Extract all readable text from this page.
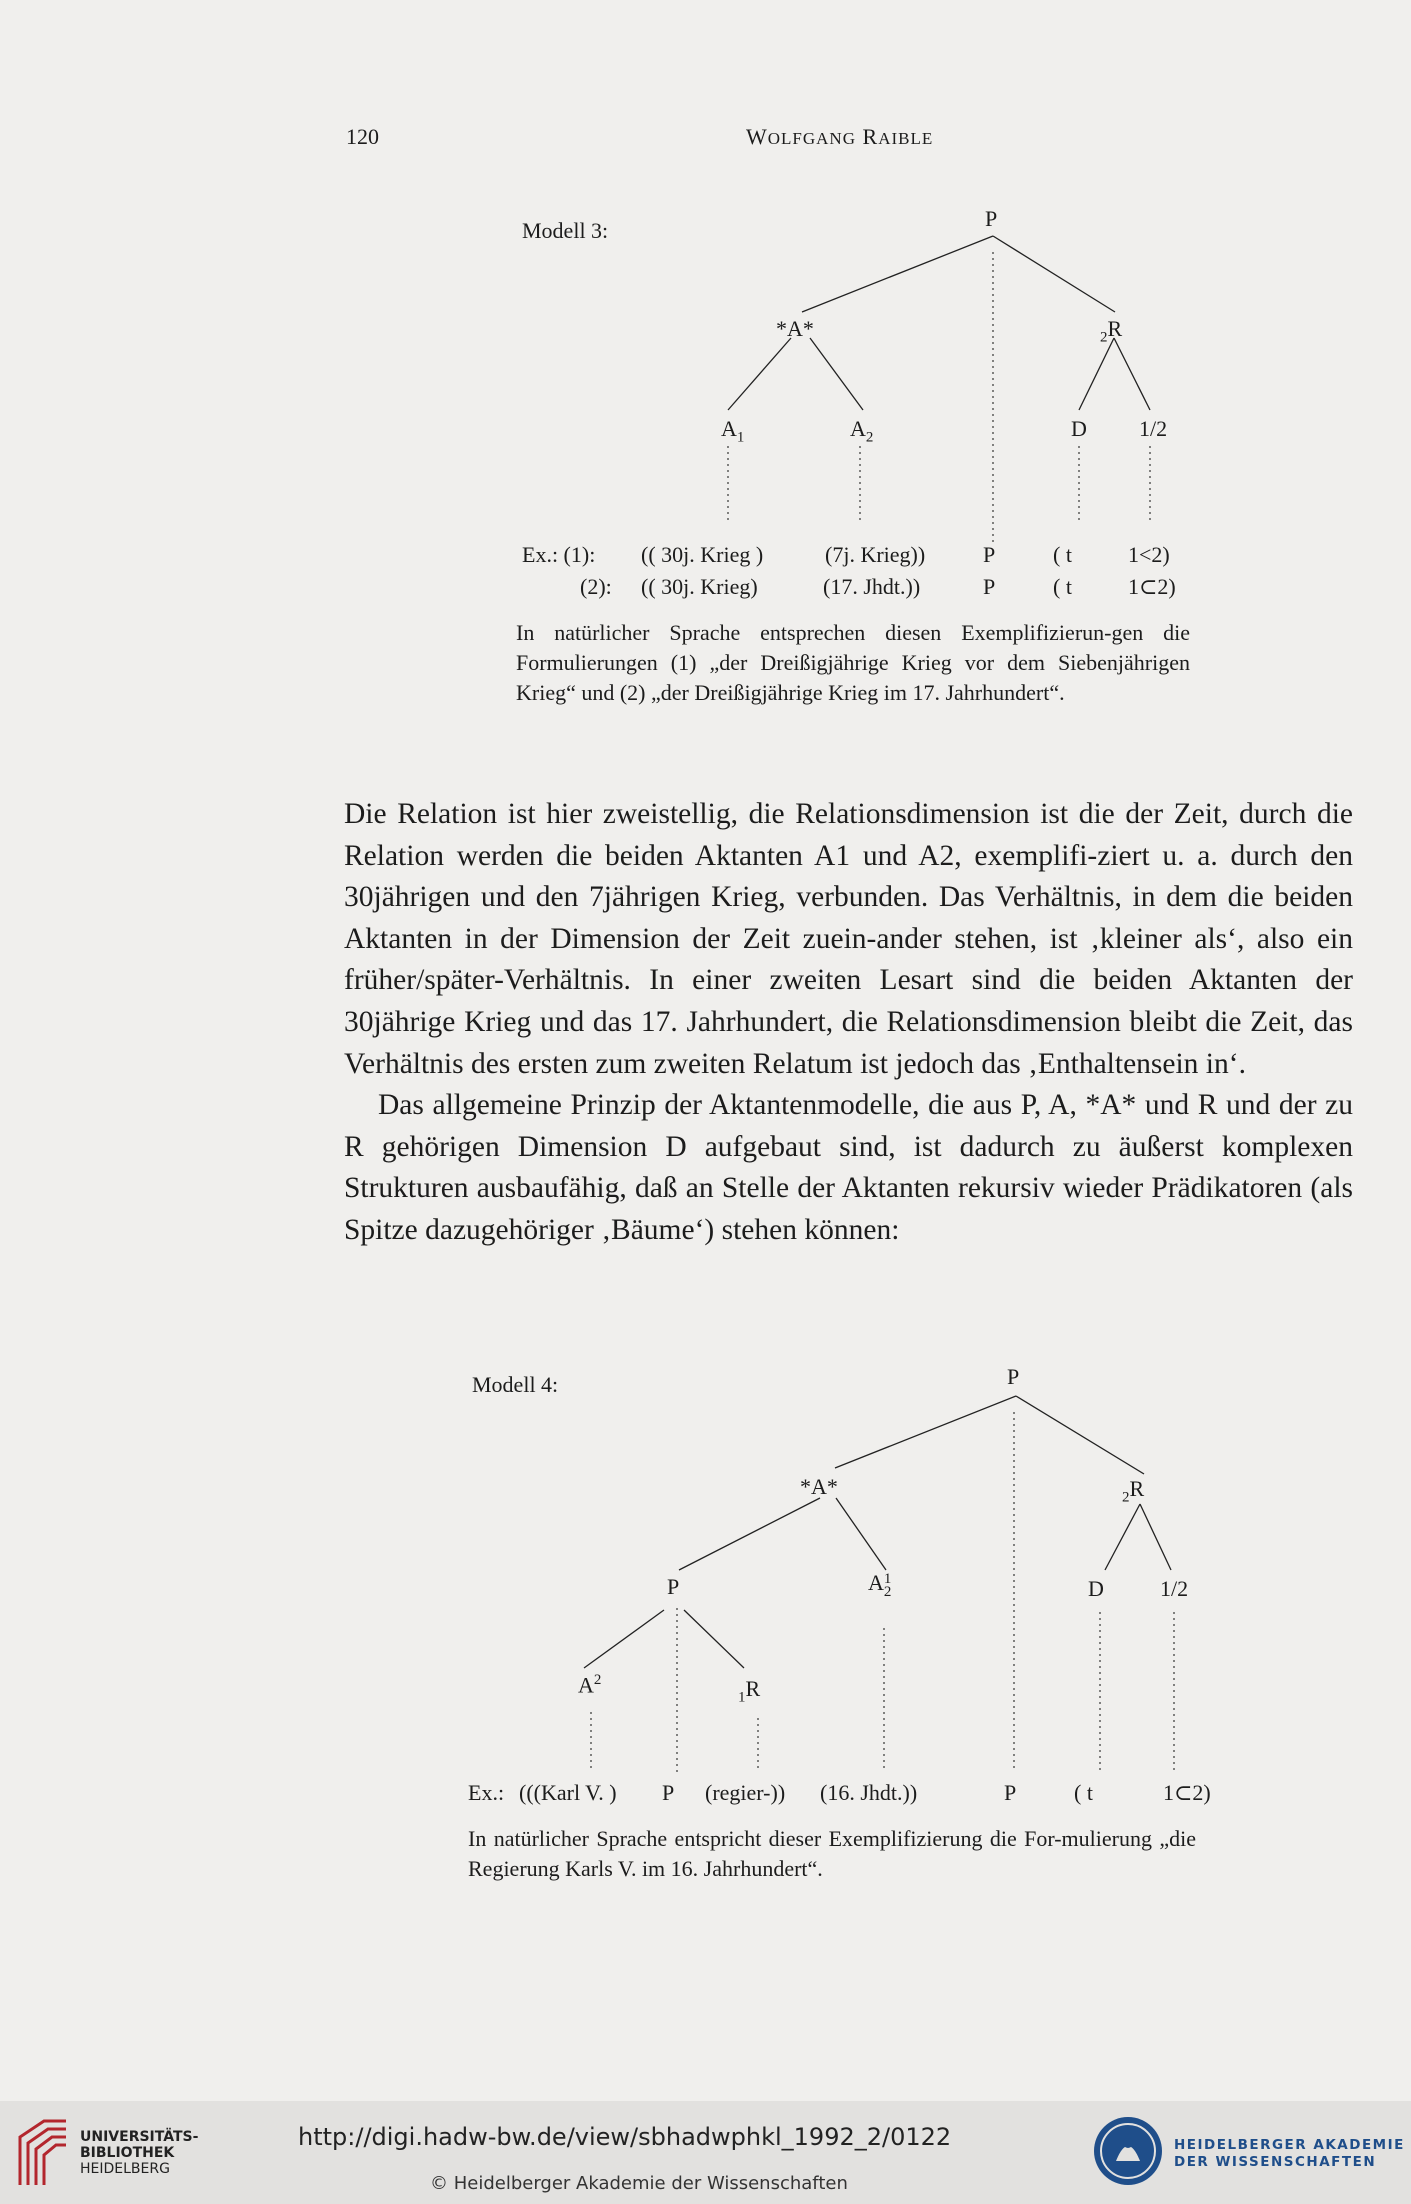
120	WOLFGANG RAIBLE
Modell 3:	P
*A*	$_2$R
$A_1$	$A_2$	D 1/2
Ex.: (1): (( 30j. Krieg )	(7j. Krieg))	P	( t	1<2)
(2): (( 30j. Krieg)	(17. Jhdt.))	P	( t	1⊂2)
In natürlicher Sprache entsprechen diesen Exemplifizierun-gen die Formulierungen (1) „der Dreißigjährige Krieg vor dem Siebenjährigen Krieg“ und (2) „der Dreißigjährige Krieg im 17. Jahrhundert“.

Die Relation ist hier zweistellig, die Relationsdimension ist die der Zeit, durch die Relation werden die beiden Aktanten A1 und A2, exemplifi-ziert u. a. durch den 30jährigen und den 7jährigen Krieg, verbunden. Das Verhältnis, in dem die beiden Aktanten in der Dimension der Zeit zuein-ander stehen, ist ‚kleiner als‘, also ein früher/später-Verhältnis. In einer zweiten Lesart sind die beiden Aktanten der 30jährige Krieg und das 17. Jahrhundert, die Relationsdimension bleibt die Zeit, das Verhältnis des ersten zum zweiten Relatum ist jedoch das ‚Enthaltensein in‘.

Das allgemeine Prinzip der Aktantenmodelle, die aus P, A, *A* und R und der zu R gehörigen Dimension D aufgebaut sind, ist dadurch zu äußerst komplexen Strukturen ausbaufähig, daß an Stelle der Aktanten rekursiv wieder Prädikatoren (als Spitze dazugehöriger ‚Bäume‘) stehen können:

Modell 4:	P
*A*	$_2$R
P	A 1
2	D	1/2
$A^2$
$_1$R
Ex.: (((Karl V. ) P (regier-)) (16. Jhdt.))	P	( t	1⊂2)
In natürlicher Sprache entspricht dieser Exemplifizierung die For-mulierung „die Regierung Karls V. im 16. Jahrhundert“.
UNIVERSITÄTS-
BIBLIOTHEK
HEIDELBERG
http://digi.hadw-bw.de/view/sbhadwphkl_1992_2/0122
© Heidelberger Akademie der Wissenschaften
HEIDELBERGER AKADEMIE
DER WISSENSCHAFTEN
